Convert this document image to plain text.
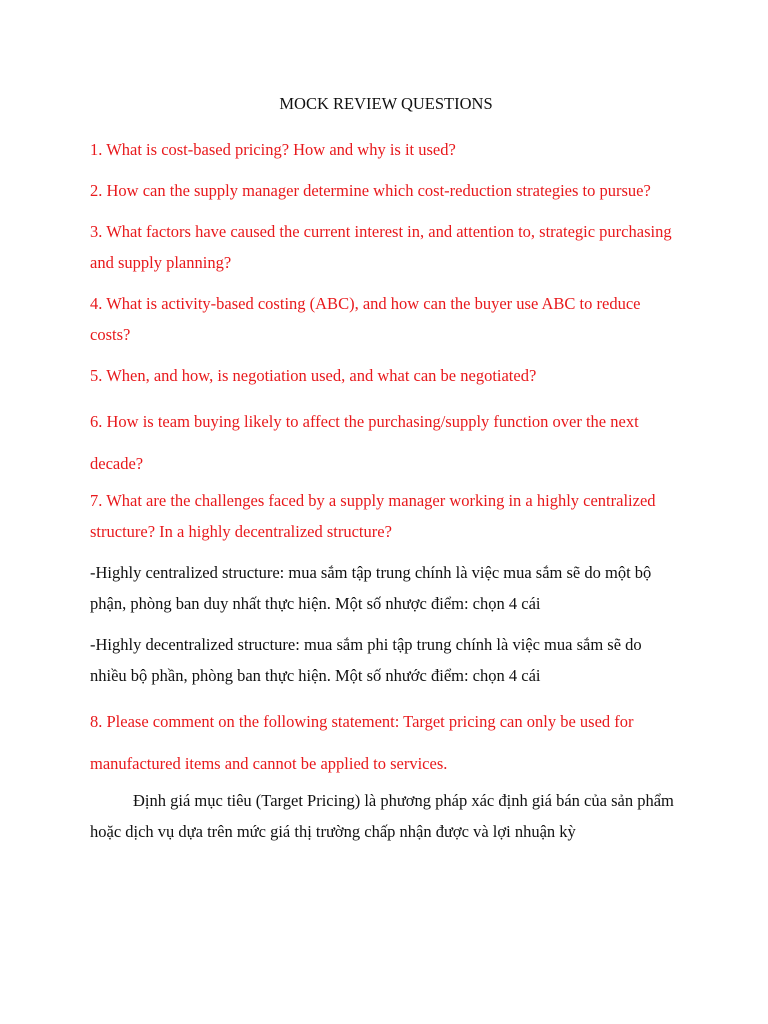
MOCK REVIEW QUESTIONS

1. What is cost-based pricing? How and why is it used?

2. How can the supply manager determine which cost-reduction strategies to pursue?

3. What factors have caused the current interest in, and attention to, strategic purchasing and supply planning?

4. What is activity-based costing (ABC), and how can the buyer use ABC to reduce costs?

5. When, and how, is negotiation used, and what can be negotiated?

6. How is team buying likely to affect the purchasing/supply function over the next decade?

7. What are the challenges faced by a supply manager working in a highly centralized structure? In a highly decentralized structure?

-Highly centralized structure: mua sắm tập trung chính là việc mua sắm sẽ do một bộ phận, phòng ban duy nhất thực hiện. Một số nhược điểm: chọn 4 cái

-Highly decentralized structure: mua sắm phi tập trung chính là việc mua sắm sẽ do nhiều bộ phần, phòng ban thực hiện. Một số nhước điểm: chọn 4 cái

8. Please comment on the following statement: Target pricing can only be used for manufactured items and cannot be applied to services.

Định giá mục tiêu (Target Pricing) là phương pháp xác định giá bán của sản phẩm hoặc dịch vụ dựa trên mức giá thị trường chấp nhận được và lợi nhuận kỳ
